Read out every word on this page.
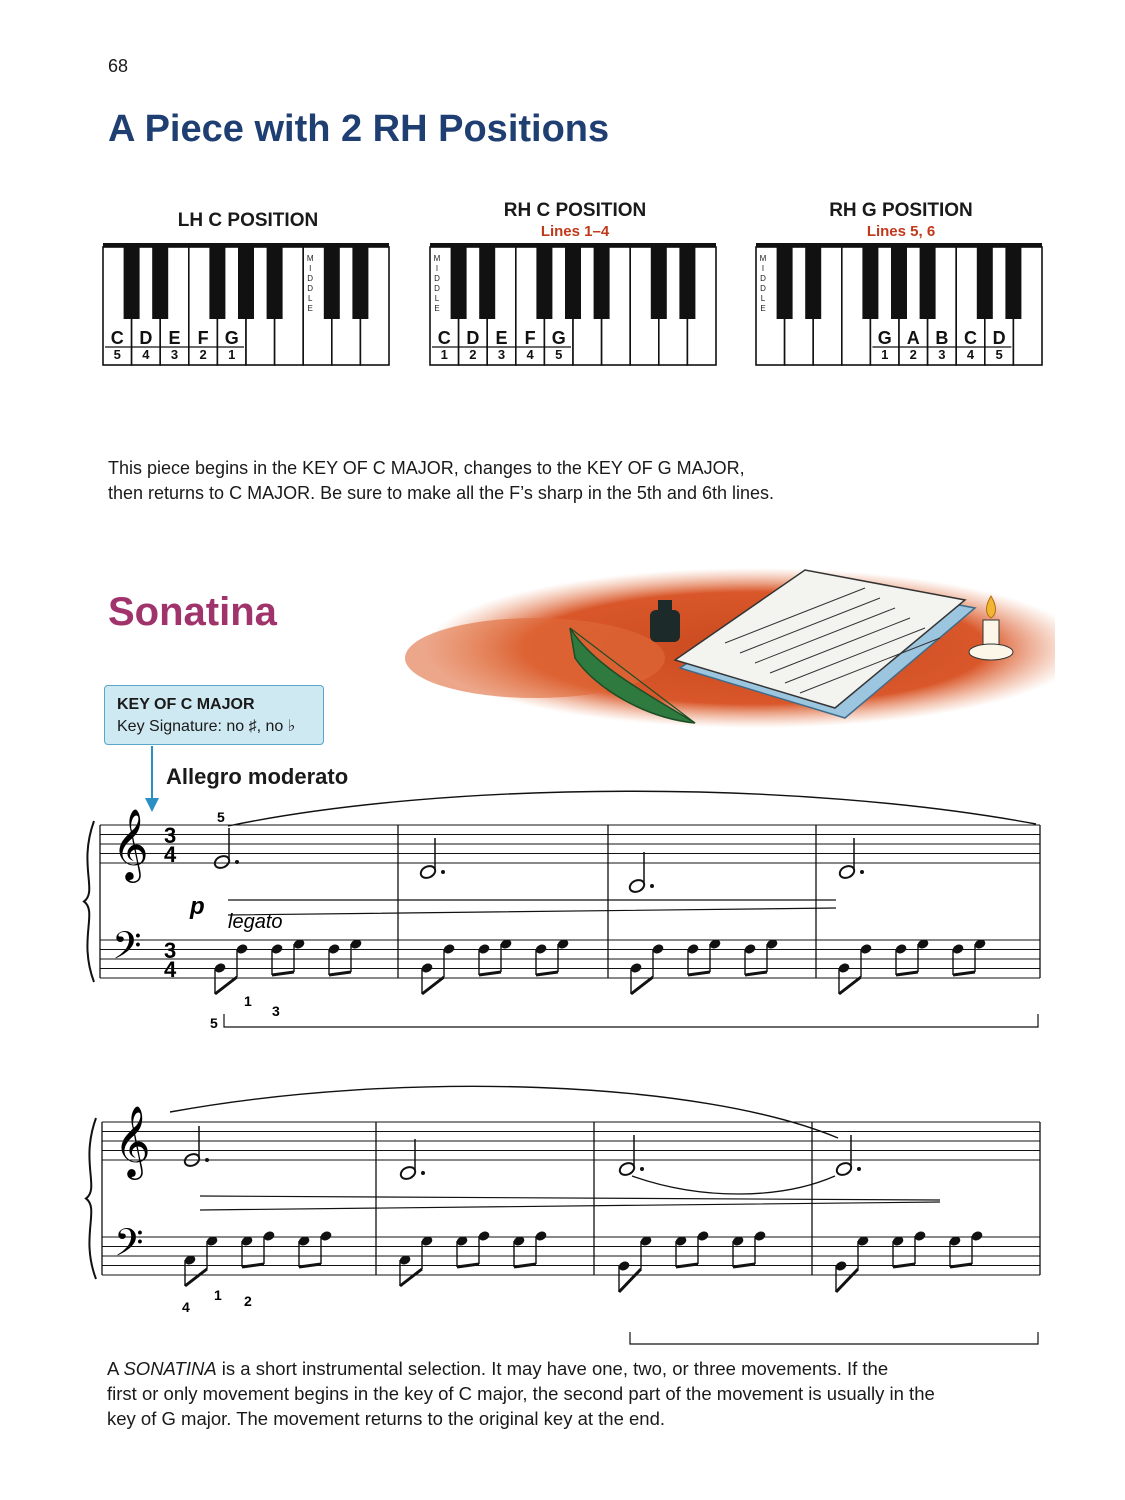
68
A Piece with 2 RH Positions
LH C POSITION	RH C POSITION
Lines 1–4
RH G POSITION
Lines 5, 6
M
I
D
D
L
E
C
5
D
4
E
3
F
2
G
1
M
I
D
D
L
E
C
1
D
2
E
3
F
4
G
5
M
I
D
D
L
E
G
1
A
2
B
3
C
4
D
5

This piece begins in the KEY OF C MAJOR, changes to the KEY OF G MAJOR,

then returns to C MAJOR. Be sure to make all the F’s sharp in the 5th and 6th lines.

Sonatina
KEY OF C MAJOR
Key Signature: no ♯, no ♭
Allegro moderato
𝄞
𝄢
3
4
3
4
𝄞
𝄢
5
p
legato
5
1
3
4
1 2

A SONATINA is a short instrumental selection. It may have one, two, or three movements. If the

first or only movement begins in the key of C major, the second part of the movement is usually in the

key of G major. The movement returns to the original key at the end.
